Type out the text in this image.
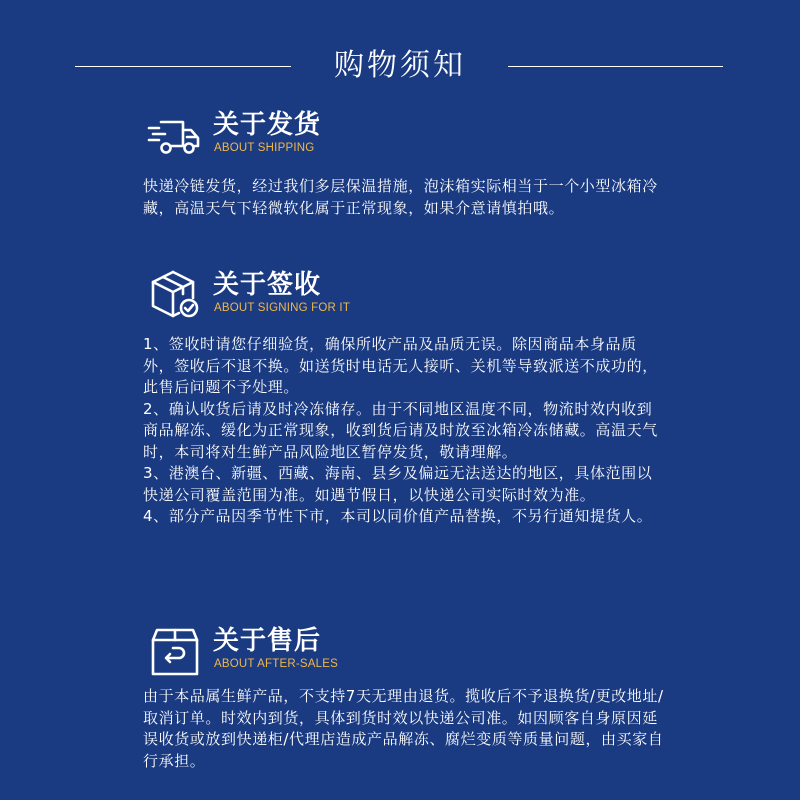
购物须知
关于发货
ABOUT SHIPPING

快递冷链发货，经过我们多层保温措施，泡沫箱实际相当于一个小型冰箱冷藏，高温天气下轻微软化属于正常现象，如果介意请慎拍哦。

关于签收
ABOUT SIGNING FOR IT

1、签收时请您仔细验货，确保所收产品及品质无误。除因商品本身品质外，签收后不退不换。如送货时电话无人接听、关机等导致派送不成功的，此售后问题不予处理。

2、确认收货后请及时冷冻储存。由于不同地区温度不同，物流时效内收到商品解冻、缓化为正常现象，收到货后请及时放至冰箱冷冻储藏。高温天气时，本司将对生鲜产品风险地区暂停发货，敬请理解。

3、港澳台、新疆、西藏、海南、县乡及偏远无法送达的地区，具体范围以快递公司覆盖范围为准。如遇节假日，以快递公司实际时效为准。

4、部分产品因季节性下市，本司以同价值产品替换，不另行通知提货人。

关于售后
ABOUT AFTER-SALES

由于本品属生鲜产品，不支持7天无理由退货。揽收后不予退换货/更改地址/取消订单。时效内到货，具体到货时效以快递公司准。如因顾客自身原因延误收货或放到快递柜/代理店造成产品解冻、腐烂变质等质量问题，由买家自行承担。
